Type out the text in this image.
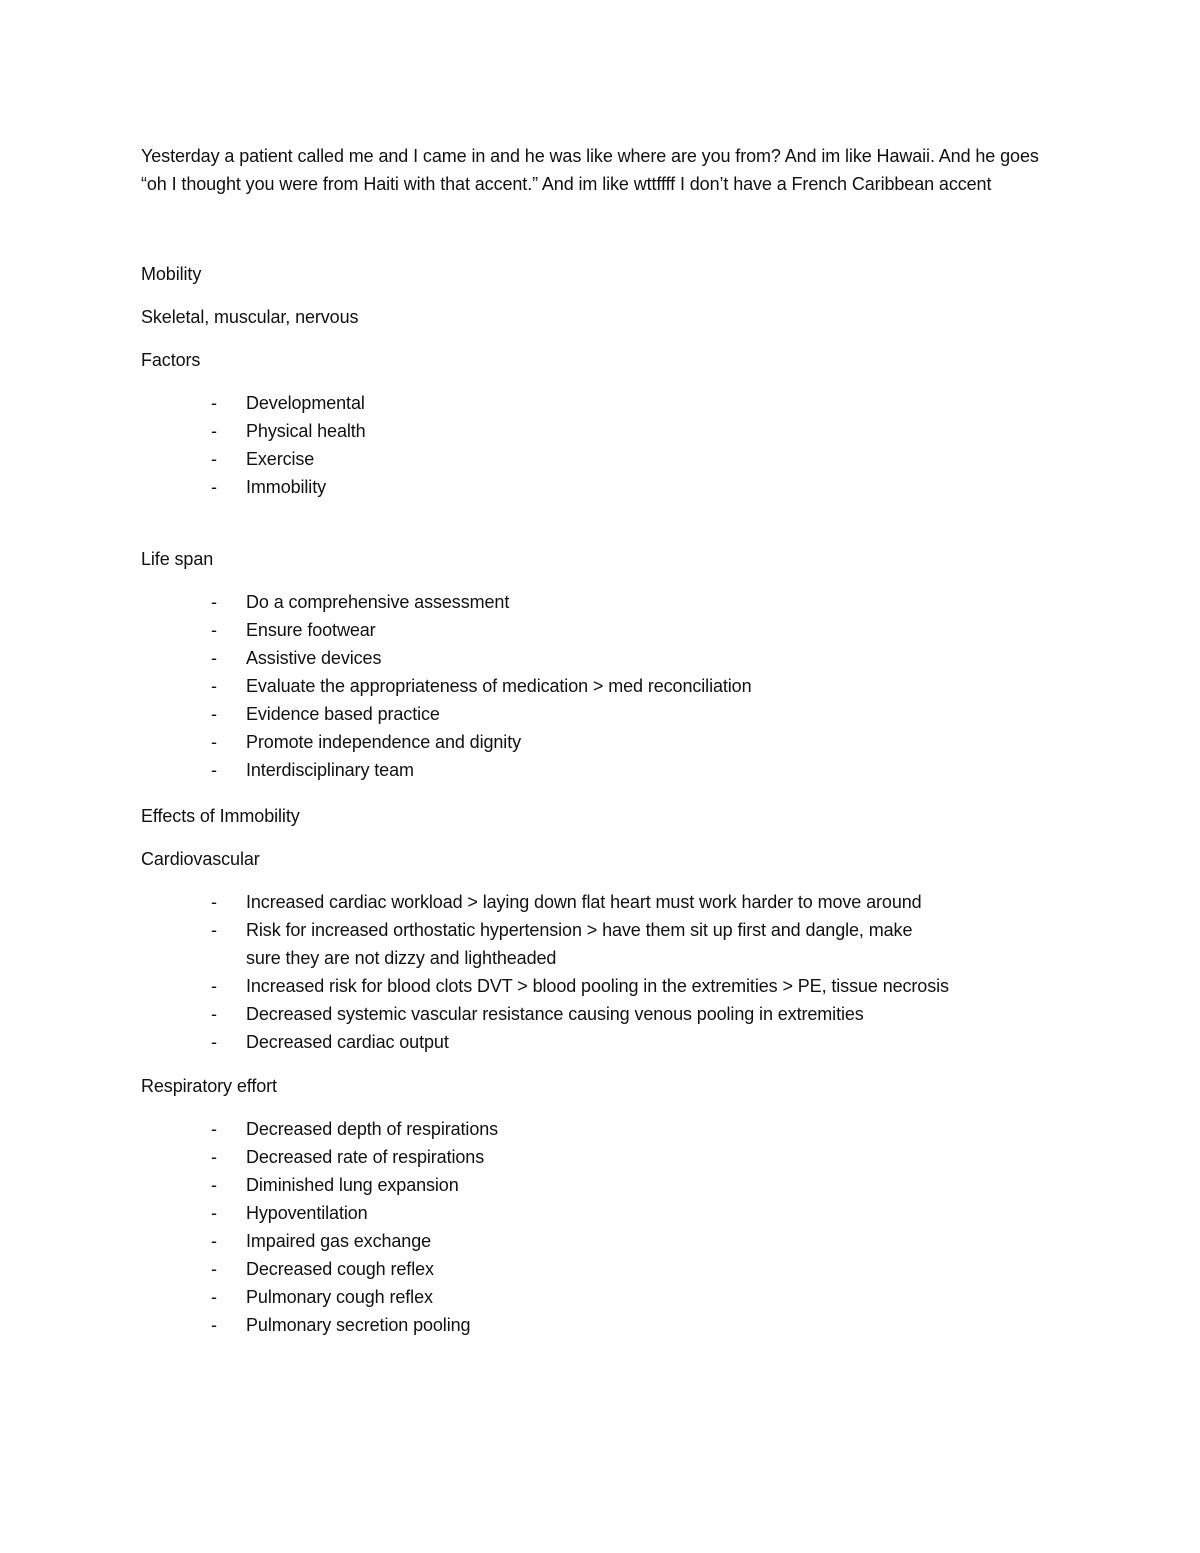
Yesterday a patient called me and I came in and he was like where are you from? And im like Hawaii. And he goes “oh I thought you were from Haiti with that accent.” And im like wttffff I don’t have a French Caribbean accent

Mobility

Skeletal, muscular, nervous

Factors

- Developmental
- Physical health
- Exercise
- Immobility

Life span

- Do a comprehensive assessment
- Ensure footwear
- Assistive devices
- Evaluate the appropriateness of medication > med reconciliation
- Evidence based practice
- Promote independence and dignity
- Interdisciplinary team

Effects of Immobility

Cardiovascular

- Increased cardiac workload > laying down flat heart must work harder to move around
- Risk for increased orthostatic hypertension > have them sit up first and dangle, make sure they are not dizzy and lightheaded
- Increased risk for blood clots DVT > blood pooling in the extremities > PE, tissue necrosis
- Decreased systemic vascular resistance causing venous pooling in extremities
- Decreased cardiac output

Respiratory effort

- Decreased depth of respirations
- Decreased rate of respirations
- Diminished lung expansion
- Hypoventilation
- Impaired gas exchange
- Decreased cough reflex
- Pulmonary cough reflex
- Pulmonary secretion pooling
